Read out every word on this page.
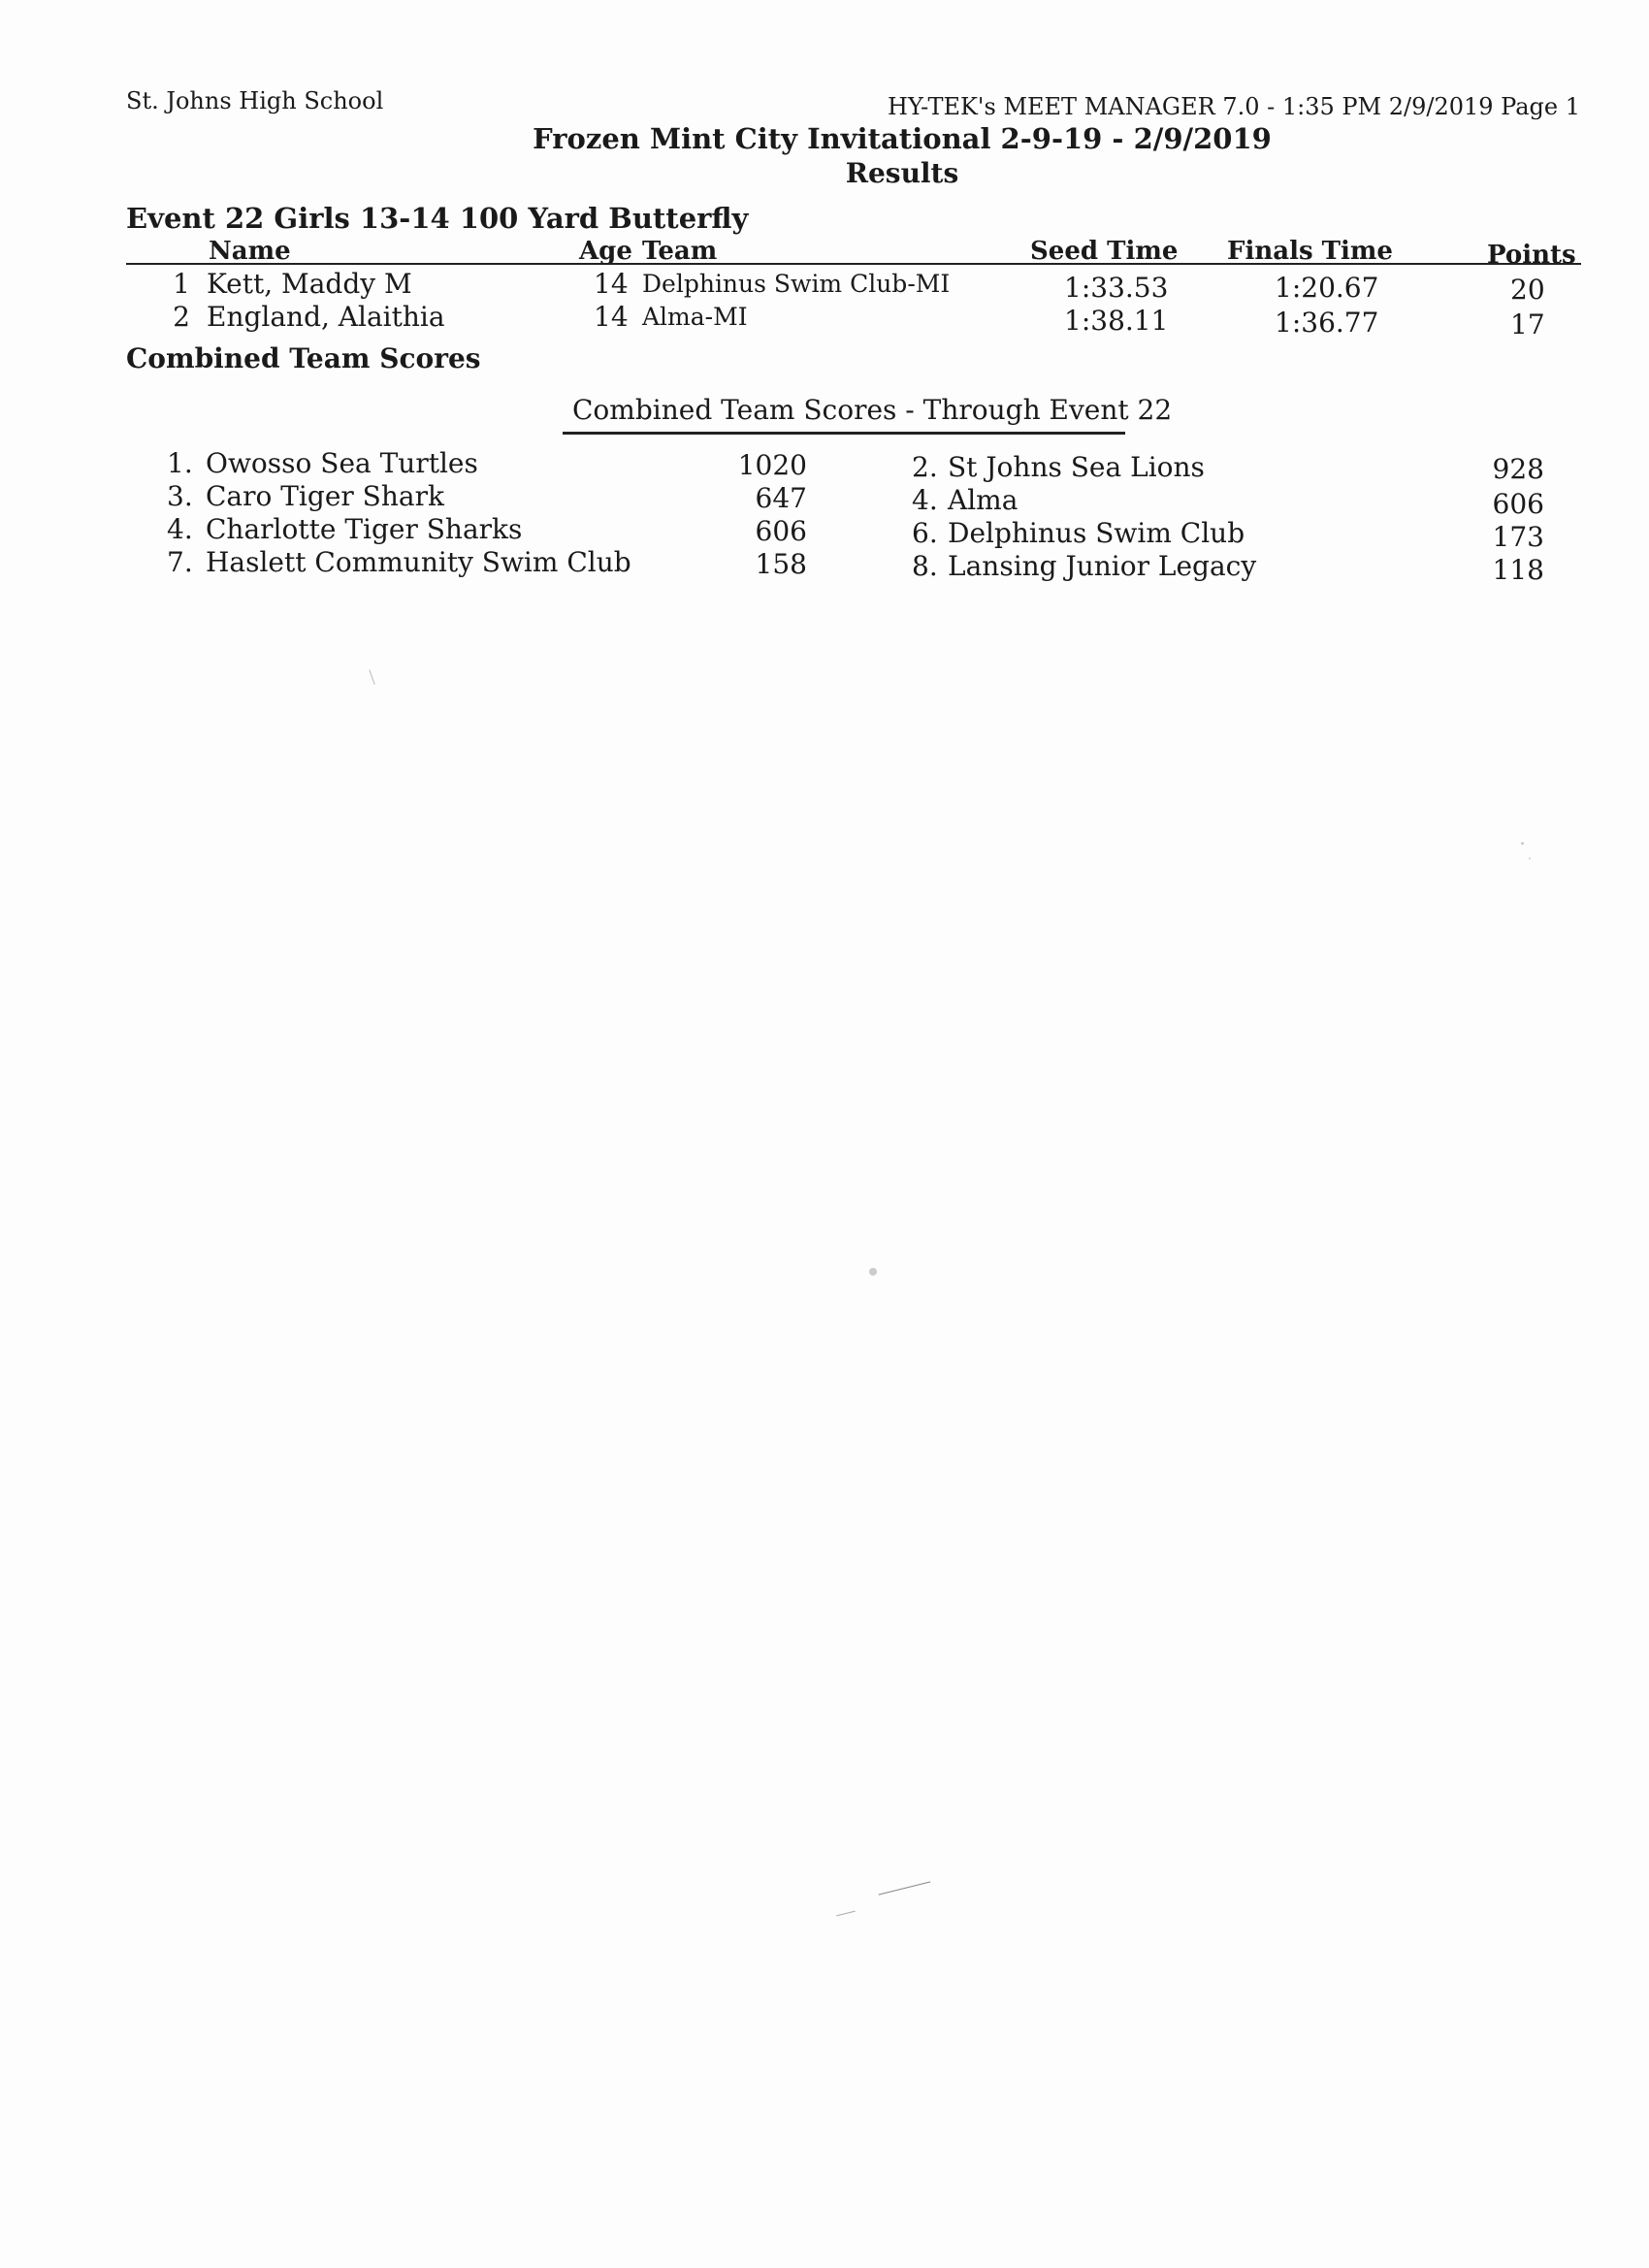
St. Johns High School	HY-TEK's MEET MANAGER 7.0 - 1:35 PM 2/9/2019 Page 1
Frozen Mint City Invitational 2-9-19 - 2/9/2019
Results
Event 22 Girls 13-14 100 Yard Butterfly
Name	Age Team	Seed Time Finals Time	Points
1 Kett, Maddy M	14 Delphinus Swim Club-MI	1:33.53	1:20.67	20
2 England, Alaithia	14 Alma-MI	1:38.11	1:36.77	17
Combined Team Scores
Combined Team Scores - Through Event 22
1. Owosso Sea Turtles	1020	2. St Johns Sea Lions	928
3. Caro Tiger Shark	647	4. Alma	606
4. Charlotte Tiger Sharks	606	6. Delphinus Swim Club	173
7. Haslett Community Swim Club	158	8. Lansing Junior Legacy	118
